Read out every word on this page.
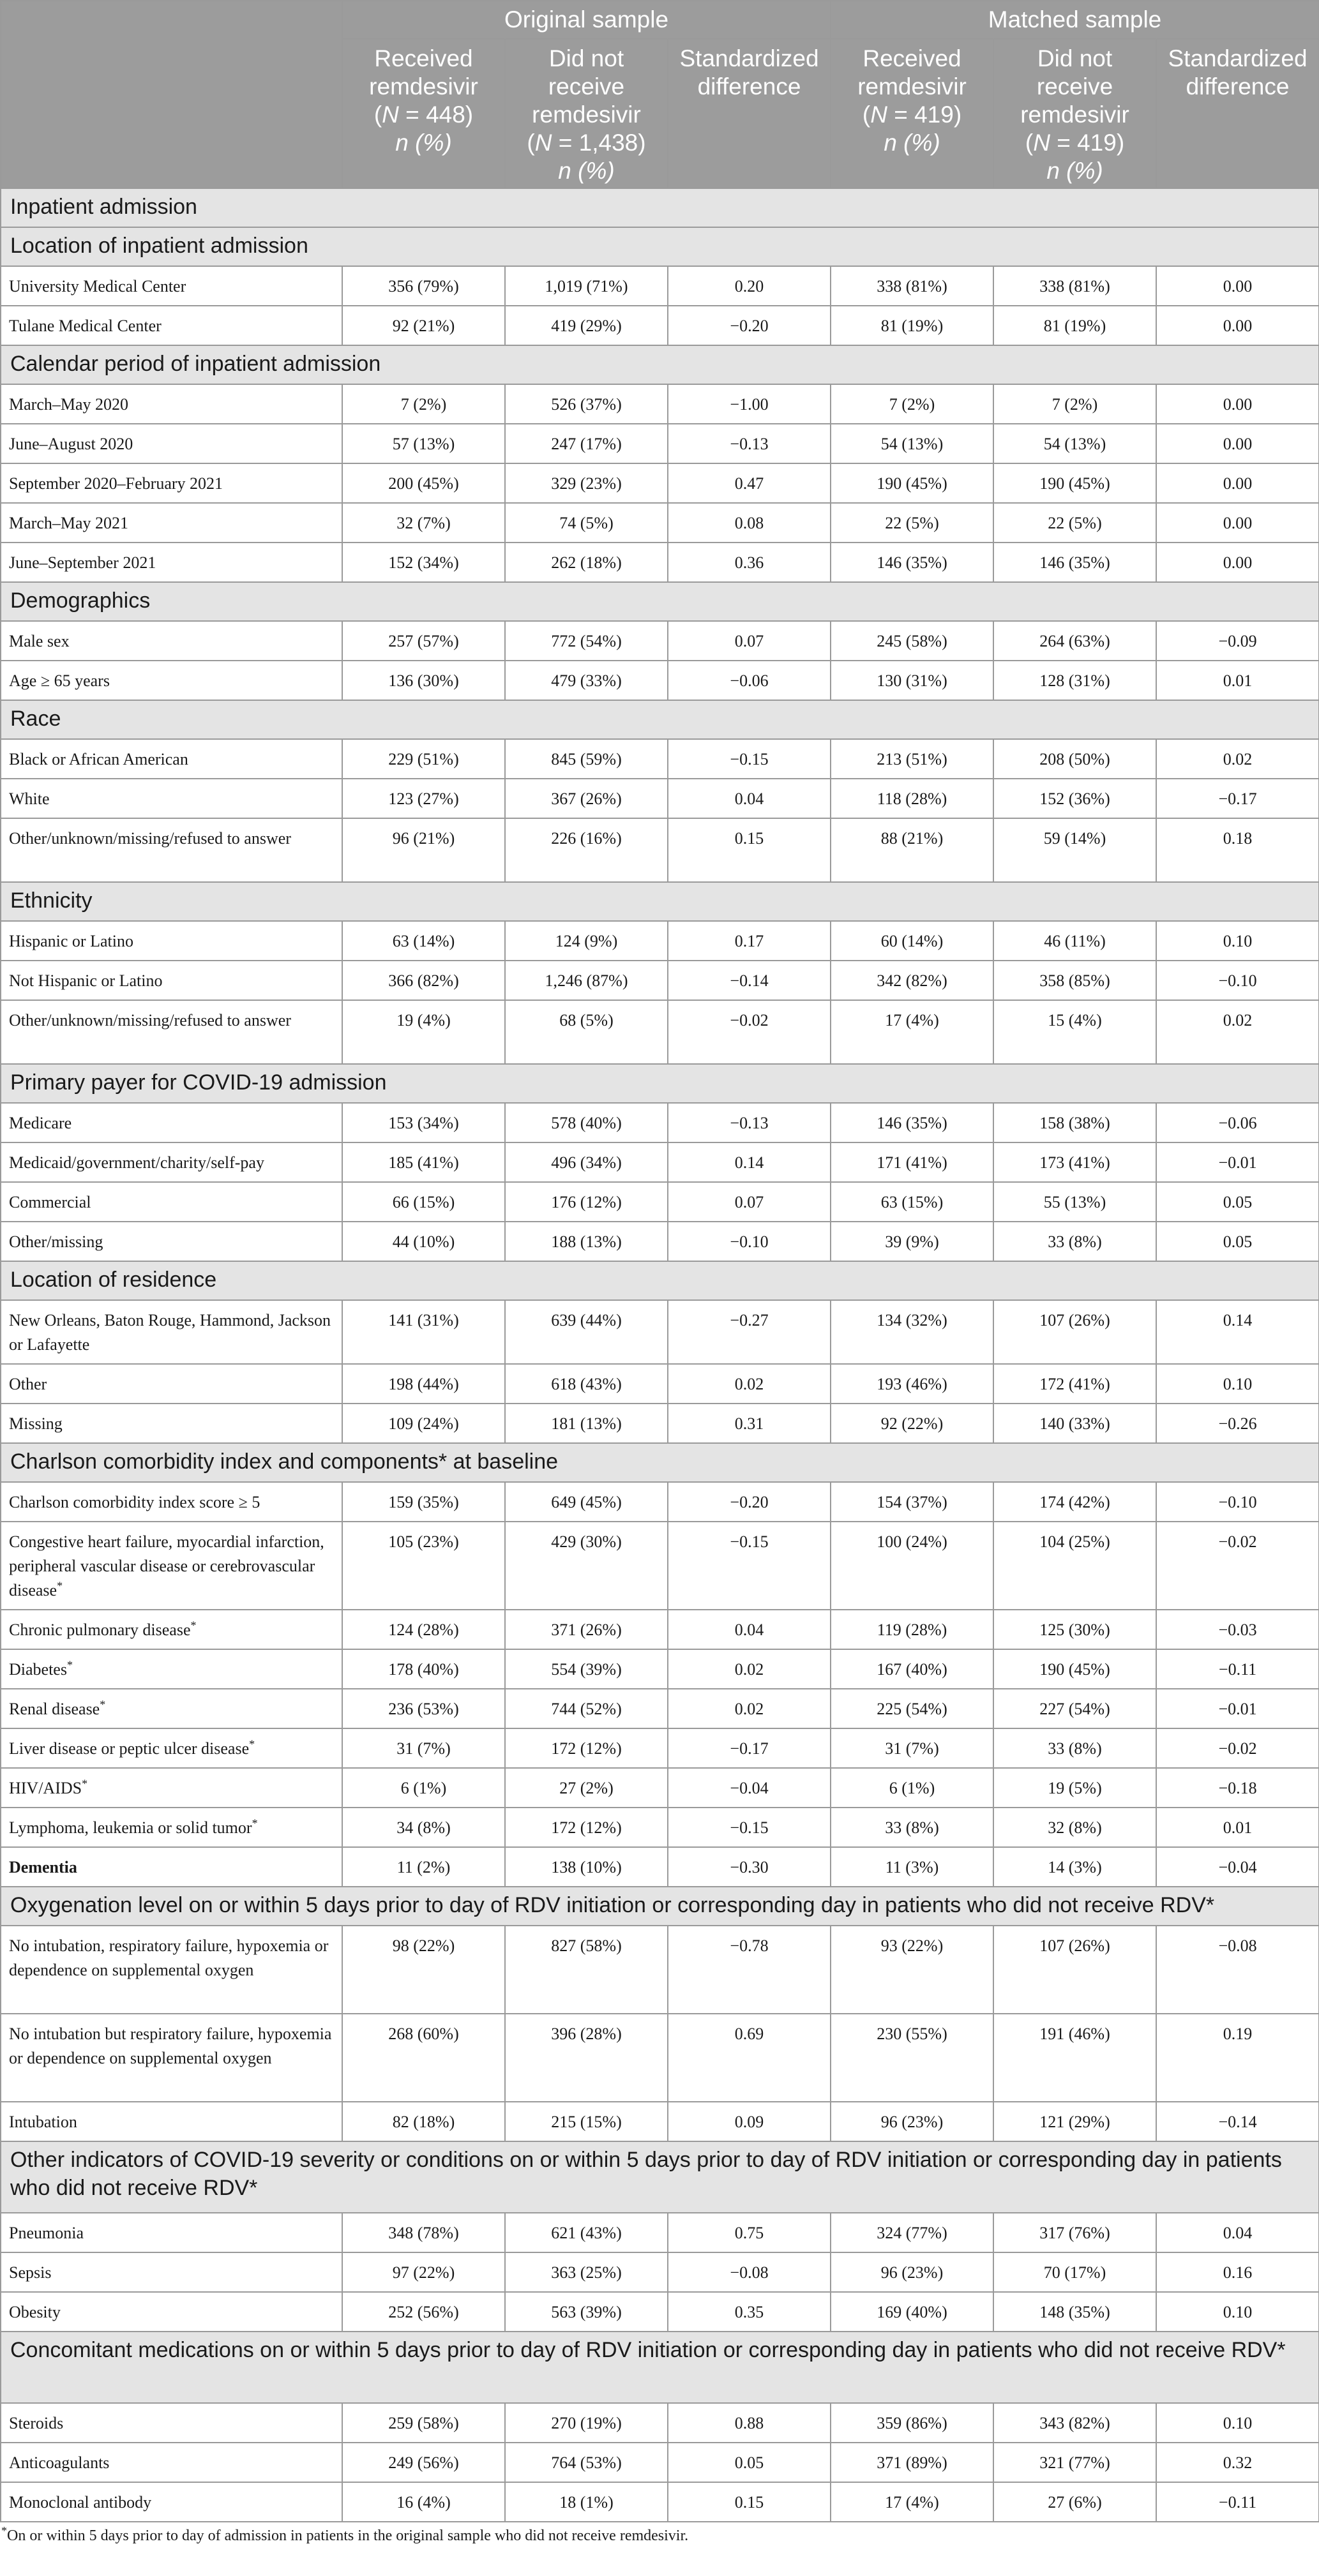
	Original sample			Matched sample		
	Received
remdesivir
(N = 448)
n (%)	Did not
receive
remdesivir
(N = 1,438)
n (%)	Standardized
difference	Received
remdesivir
(N = 419)
n (%)	Did not
receive
remdesivir
(N = 419)
n (%)	Standardized
difference

Inpatient admission						
Location of inpatient admission						
University Medical Center	356 (79%)	1,019 (71%)	0.20	338 (81%)	338 (81%)	0.00
Tulane Medical Center	92 (21%)	419 (29%)	−0.20	81 (19%)	81 (19%)	0.00
Calendar period of inpatient admission						
March–May 2020	7 (2%)	526 (37%)	−1.00	7 (2%)	7 (2%)	0.00
June–August 2020	57 (13%)	247 (17%)	−0.13	54 (13%)	54 (13%)	0.00
September 2020–February 2021	200 (45%)	329 (23%)	0.47	190 (45%)	190 (45%)	0.00
March–May 2021	32 (7%)	74 (5%)	0.08	22 (5%)	22 (5%)	0.00
June–September 2021	152 (34%)	262 (18%)	0.36	146 (35%)	146 (35%)	0.00
Demographics						
Male sex	257 (57%)	772 (54%)	0.07	245 (58%)	264 (63%)	−0.09
Age ≥ 65 years	136 (30%)	479 (33%)	−0.06	130 (31%)	128 (31%)	0.01
Race						
Black or African American	229 (51%)	845 (59%)	−0.15	213 (51%)	208 (50%)	0.02
White	123 (27%)	367 (26%)	0.04	118 (28%)	152 (36%)	−0.17
Other/unknown/missing/refused to answer	96 (21%)	226 (16%)	0.15	88 (21%)	59 (14%)	0.18
Ethnicity						
Hispanic or Latino	63 (14%)	124 (9%)	0.17	60 (14%)	46 (11%)	0.10
Not Hispanic or Latino	366 (82%)	1,246 (87%)	−0.14	342 (82%)	358 (85%)	−0.10
Other/unknown/missing/refused to answer	19 (4%)	68 (5%)	−0.02	17 (4%)	15 (4%)	0.02
Primary payer for COVID-19 admission						
Medicare	153 (34%)	578 (40%)	−0.13	146 (35%)	158 (38%)	−0.06
Medicaid/government/charity/self-pay	185 (41%)	496 (34%)	0.14	171 (41%)	173 (41%)	−0.01
Commercial	66 (15%)	176 (12%)	0.07	63 (15%)	55 (13%)	0.05
Other/missing	44 (10%)	188 (13%)	−0.10	39 (9%)	33 (8%)	0.05
Location of residence						
New Orleans, Baton Rouge, Hammond, Jackson or Lafayette	141 (31%)	639 (44%)	−0.27	134 (32%)	107 (26%)	0.14
Other	198 (44%)	618 (43%)	0.02	193 (46%)	172 (41%)	0.10
Missing	109 (24%)	181 (13%)	0.31	92 (22%)	140 (33%)	−0.26
Charlson comorbidity index and components* at baseline						
Charlson comorbidity index score ≥ 5	159 (35%)	649 (45%)	−0.20	154 (37%)	174 (42%)	−0.10
Congestive heart failure, myocardial infarction, peripheral vascular disease or cerebrovascular disease*	105 (23%)	429 (30%)	−0.15	100 (24%)	104 (25%)	−0.02
Chronic pulmonary disease*	124 (28%)	371 (26%)	0.04	119 (28%)	125 (30%)	−0.03
Diabetes*	178 (40%)	554 (39%)	0.02	167 (40%)	190 (45%)	−0.11
Renal disease*	236 (53%)	744 (52%)	0.02	225 (54%)	227 (54%)	−0.01
Liver disease or peptic ulcer disease*	31 (7%)	172 (12%)	−0.17	31 (7%)	33 (8%)	−0.02
HIV/AIDS*	6 (1%)	27 (2%)	−0.04	6 (1%)	19 (5%)	−0.18
Lymphoma, leukemia or solid tumor*	34 (8%)	172 (12%)	−0.15	33 (8%)	32 (8%)	0.01
Dementia	11 (2%)	138 (10%)	−0.30	11 (3%)	14 (3%)	−0.04
Oxygenation level on or within 5 days prior to day of RDV initiation or corresponding day in patients who did not receive RDV*						
No intubation, respiratory failure, hypoxemia or dependence on supplemental oxygen	98 (22%)	827 (58%)	−0.78	93 (22%)	107 (26%)	−0.08
No intubation but respiratory failure, hypoxemia or dependence on supplemental oxygen	268 (60%)	396 (28%)	0.69	230 (55%)	191 (46%)	0.19
Intubation	82 (18%)	215 (15%)	0.09	96 (23%)	121 (29%)	−0.14
Other indicators of COVID-19 severity or conditions on or within 5 days prior to day of RDV initiation or corresponding day in patients who did not receive RDV*						
Pneumonia	348 (78%)	621 (43%)	0.75	324 (77%)	317 (76%)	0.04
Sepsis	97 (22%)	363 (25%)	−0.08	96 (23%)	70 (17%)	0.16
Obesity	252 (56%)	563 (39%)	0.35	169 (40%)	148 (35%)	0.10
Concomitant medications on or within 5 days prior to day of RDV initiation or corresponding day in patients who did not receive RDV*						
Steroids	259 (58%)	270 (19%)	0.88	359 (86%)	343 (82%)	0.10
Anticoagulants	249 (56%)	764 (53%)	0.05	371 (89%)	321 (77%)	0.32
Monoclonal antibody	16 (4%)	18 (1%)	0.15	17 (4%)	27 (6%)	−0.11
*On or within 5 days prior to day of admission in patients in the original sample who did not receive remdesivir.
